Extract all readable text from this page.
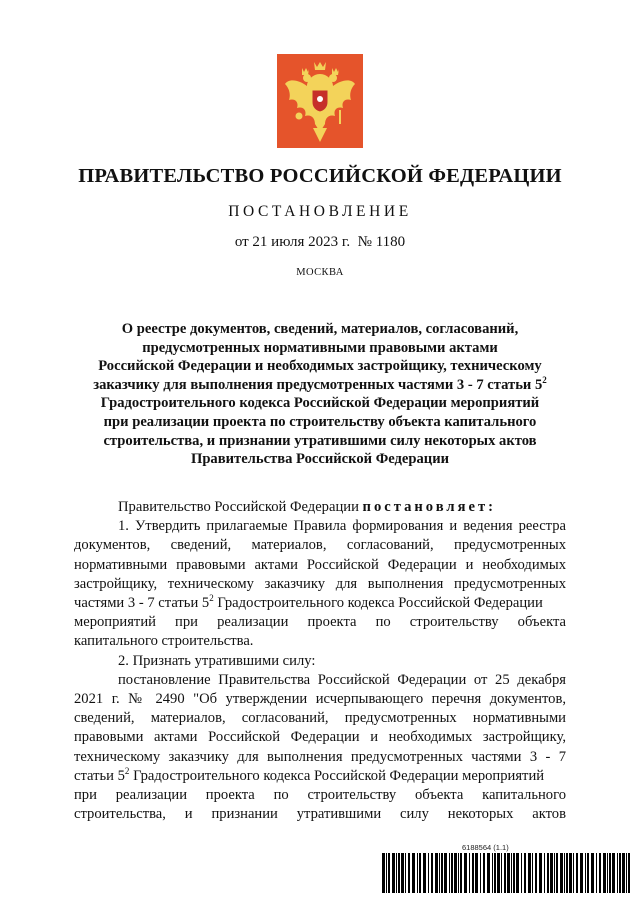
ПРАВИТЕЛЬСТВО РОССИЙСКОЙ ФЕДЕРАЦИИ
ПОСТАНОВЛЕНИЕ
от 21 июля 2023 г.  № 1180
МОСКВА
О реестре документов, сведений, материалов, согласований,
предусмотренных нормативными правовыми актами
Российской Федерации и необходимых застройщику, техническому
заказчику для выполнения предусмотренных частями 3 - 7 статьи $5^2$
Градостроительного кодекса Российской Федерации мероприятий
при реализации проекта по строительству объекта капитального
строительства, и признании утратившими силу некоторых актов
Правительства Российской Федерации
Правительство Российской Федерации постановляет:
1. Утвердить прилагаемые Правила формирования и ведения реестра
документов, сведений, материалов, согласований, предусмотренных
нормативными правовыми актами Российской Федерации и необходимых
застройщику, техническому заказчику для выполнения предусмотренных
частями 3 - 7 статьи $5^2$ Градостроительного кодекса Российской Федерации
мероприятий при реализации проекта по строительству объекта
капитального строительства.
2. Признать утратившими силу:
постановление Правительства Российской Федерации от 25 декабря
2021 г. № 2490 "Об утверждении исчерпывающего перечня документов,
сведений, материалов, согласований, предусмотренных нормативными
правовыми актами Российской Федерации и необходимых застройщику,
техническому заказчику для выполнения предусмотренных частями 3 - 7
статьи $5^2$ Градостроительного кодекса Российской Федерации мероприятий
при реализации проекта по строительству объекта капитального
строительства, и признании утратившими силу некоторых актов
6188564 (1.1)
